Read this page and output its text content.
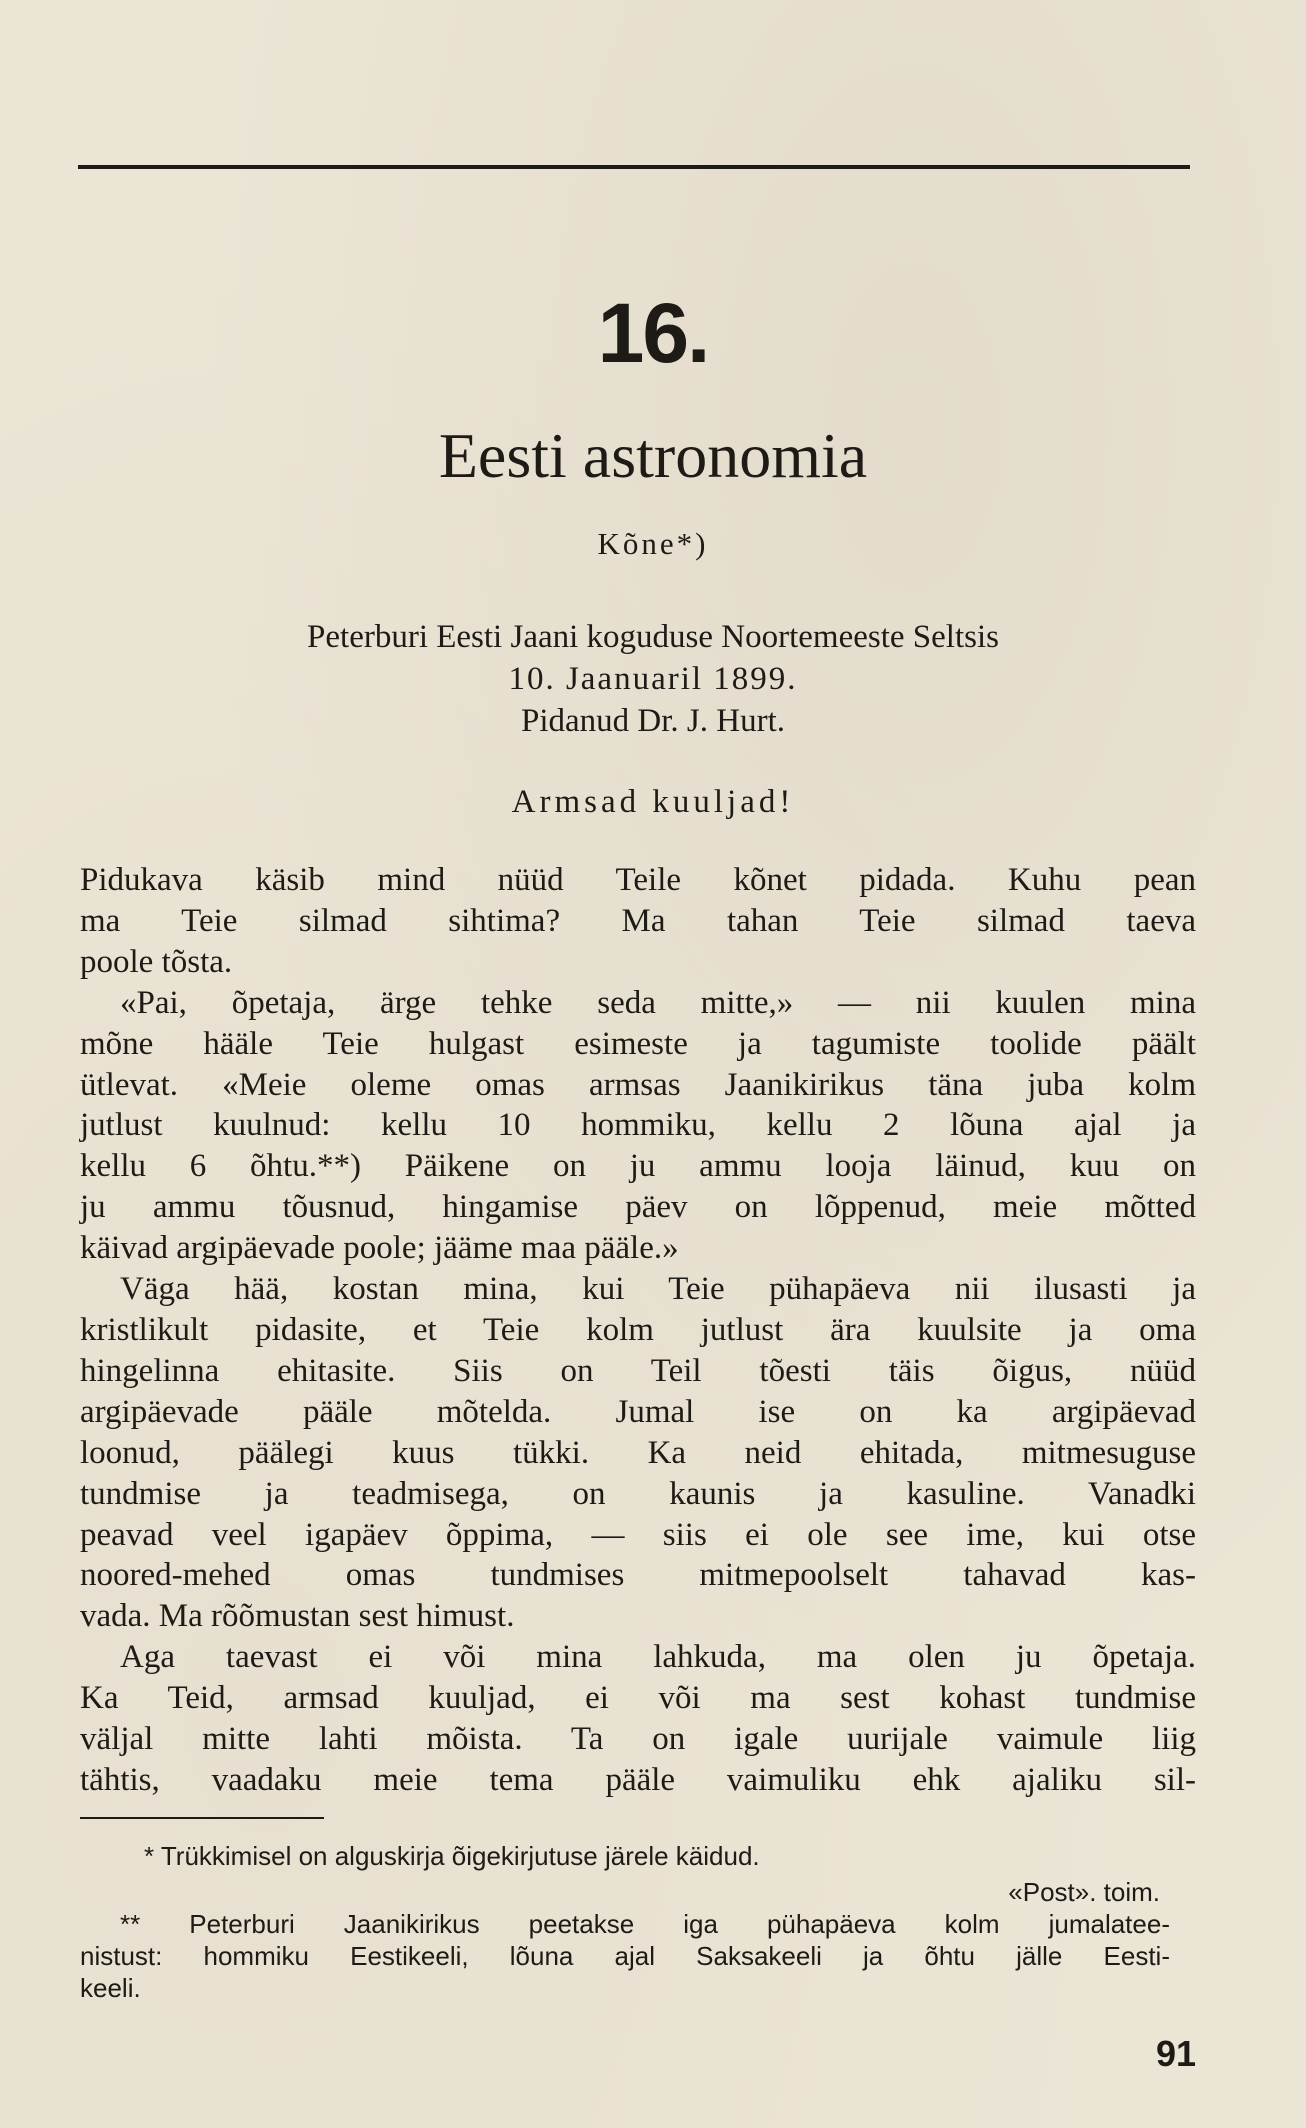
16.
Eesti astronomia
Kõne*)
Peterburi Eesti Jaani koguduse Noortemeeste Seltsis
10. Jaanuaril 1899.
Pidanud Dr. J. Hurt.
Armsad kuuljad!

Pidukava käsib mind nüüd Teile kõnet pidada. Kuhu pean
ma Teie silmad sihtima? Ma tahan Teie silmad taeva
poole tõsta.

«Pai, õpetaja, ärge tehke seda mitte,» — nii kuulen mina
mõne hääle Teie hulgast esimeste ja tagumiste toolide päält
ütlevat. «Meie oleme omas armsas Jaanikirikus täna juba kolm
jutlust kuulnud: kellu 10 hommiku, kellu 2 lõuna ajal ja
kellu 6 õhtu.**) Päikene on ju ammu looja läinud, kuu on
ju ammu tõusnud, hingamise päev on lõppenud, meie mõtted
käivad argipäevade poole; jääme maa pääle.»

Väga hää, kostan mina, kui Teie pühapäeva nii ilusasti ja
kristlikult pidasite, et Teie kolm jutlust ära kuulsite ja oma
hingelinna ehitasite. Siis on Teil tõesti täis õigus, nüüd
argipäevade pääle mõtelda. Jumal ise on ka argipäevad
loonud, päälegi kuus tükki. Ka neid ehitada, mitmesuguse
tundmise ja teadmisega, on kaunis ja kasuline. Vanadki
peavad veel igapäev õppima, — siis ei ole see ime, kui otse
noored-mehed omas tundmises mitmepoolselt tahavad kas-
vada. Ma rõõmustan sest himust.

Aga taevast ei või mina lahkuda, ma olen ju õpetaja.
Ka Teid, armsad kuuljad, ei või ma sest kohast tundmise
väljal mitte lahti mõista. Ta on igale uurijale vaimule liig
tähtis, vaadaku meie tema pääle vaimuliku ehk ajaliku sil-

* Trükkimisel on alguskirja õigekirjutuse järele käidud.
«Post». toim.
** Peterburi Jaanikirikus peetakse iga pühapäeva kolm jumalatee-
nistust: hommiku Eestikeeli, lõuna ajal Saksakeeli ja õhtu jälle Eesti-
keeli.
91
